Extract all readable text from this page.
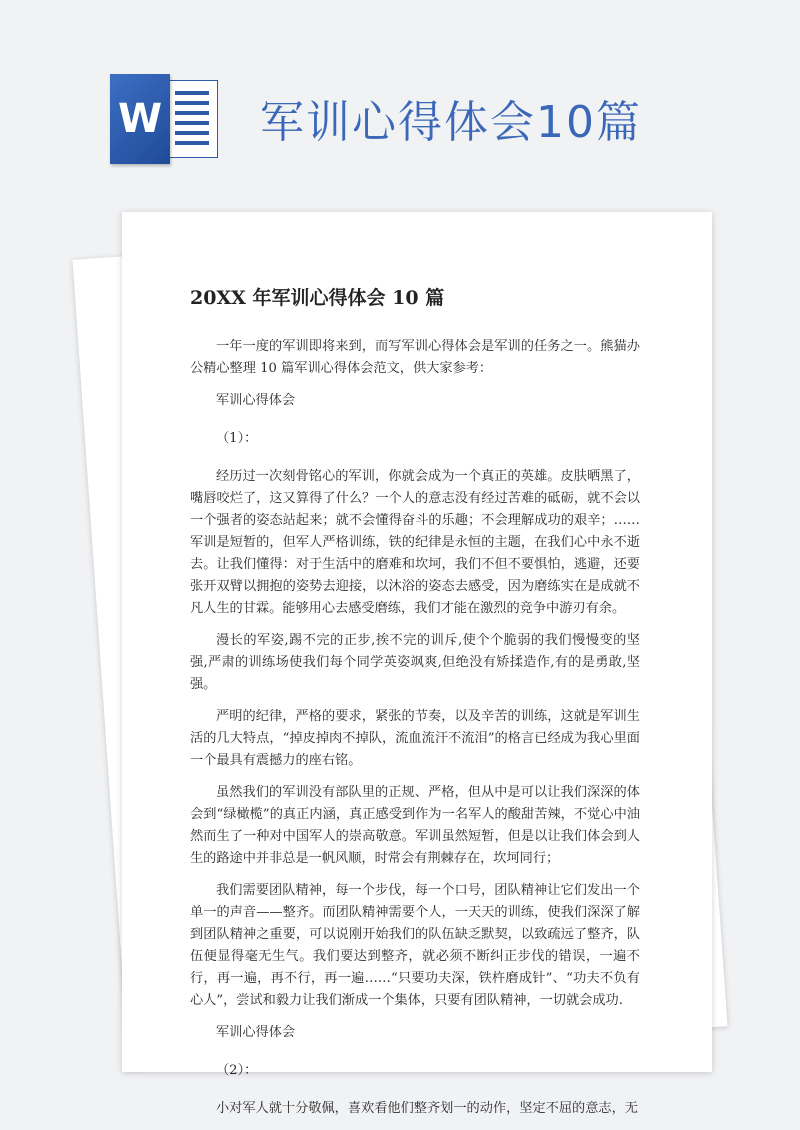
W 军训心得体会10篇
20XX 年军训心得体会 10 篇

一年一度的军训即将来到，而写军训心得体会是军训的任务之一。熊猫办公精心整理 10 篇军训心得体会范文，供大家参考：

军训心得体会

（1）：

经历过一次刻骨铭心的军训，你就会成为一个真正的英雄。皮肤晒黑了，嘴唇咬烂了，这又算得了什么？一个人的意志没有经过苦难的砥砺，就不会以一个强者的姿态站起来；就不会懂得奋斗的乐趣；不会理解成功的艰辛；……军训是短暂的，但军人严格训练，铁的纪律是永恒的主题，在我们心中永不逝去。让我们懂得：对于生活中的磨难和坎坷，我们不但不要惧怕，逃避，还要张开双臂以拥抱的姿势去迎接，以沐浴的姿态去感受，因为磨练实在是成就不凡人生的甘霖。能够用心去感受磨练，我们才能在激烈的竞争中游刃有余。

漫长的军姿,踢不完的正步,挨不完的训斥,使个个脆弱的我们慢慢变的坚强,严肃的训练场使我们每个同学英姿飒爽,但绝没有矫揉造作,有的是勇敢,坚强。

严明的纪律，严格的要求，紧张的节奏，以及辛苦的训练，这就是军训生活的几大特点，“掉皮掉肉不掉队，流血流汗不流泪”的格言已经成为我心里面一个最具有震撼力的座右铭。

虽然我们的军训没有部队里的正规、严格，但从中是可以让我们深深的体会到“绿橄榄”的真正内涵，真正感受到作为一名军人的酸甜苦辣，不觉心中油然而生了一种对中国军人的崇高敬意。军训虽然短暂，但是以让我们体会到人生的路途中并非总是一帆风顺，时常会有荆棘存在，坎坷同行；

我们需要团队精神，每一个步伐，每一个口号，团队精神让它们发出一个单一的声音——整齐。而团队精神需要个人，一天天的训练，使我们深深了解到团队精神之重要，可以说刚开始我们的队伍缺乏默契，以致疏远了整齐，队伍便显得毫无生气。我们要达到整齐，就必须不断纠正步伐的错误，一遍不行，再一遍，再不行，再一遍……“只要功夫深，铁杵磨成针”、“功夫不负有心人”，尝试和毅力让我们渐成一个集体，只要有团队精神，一切就会成功.

军训心得体会

（2）：

小对军人就十分敬佩，喜欢看他们整齐划一的动作，坚定不屈的意志，无
